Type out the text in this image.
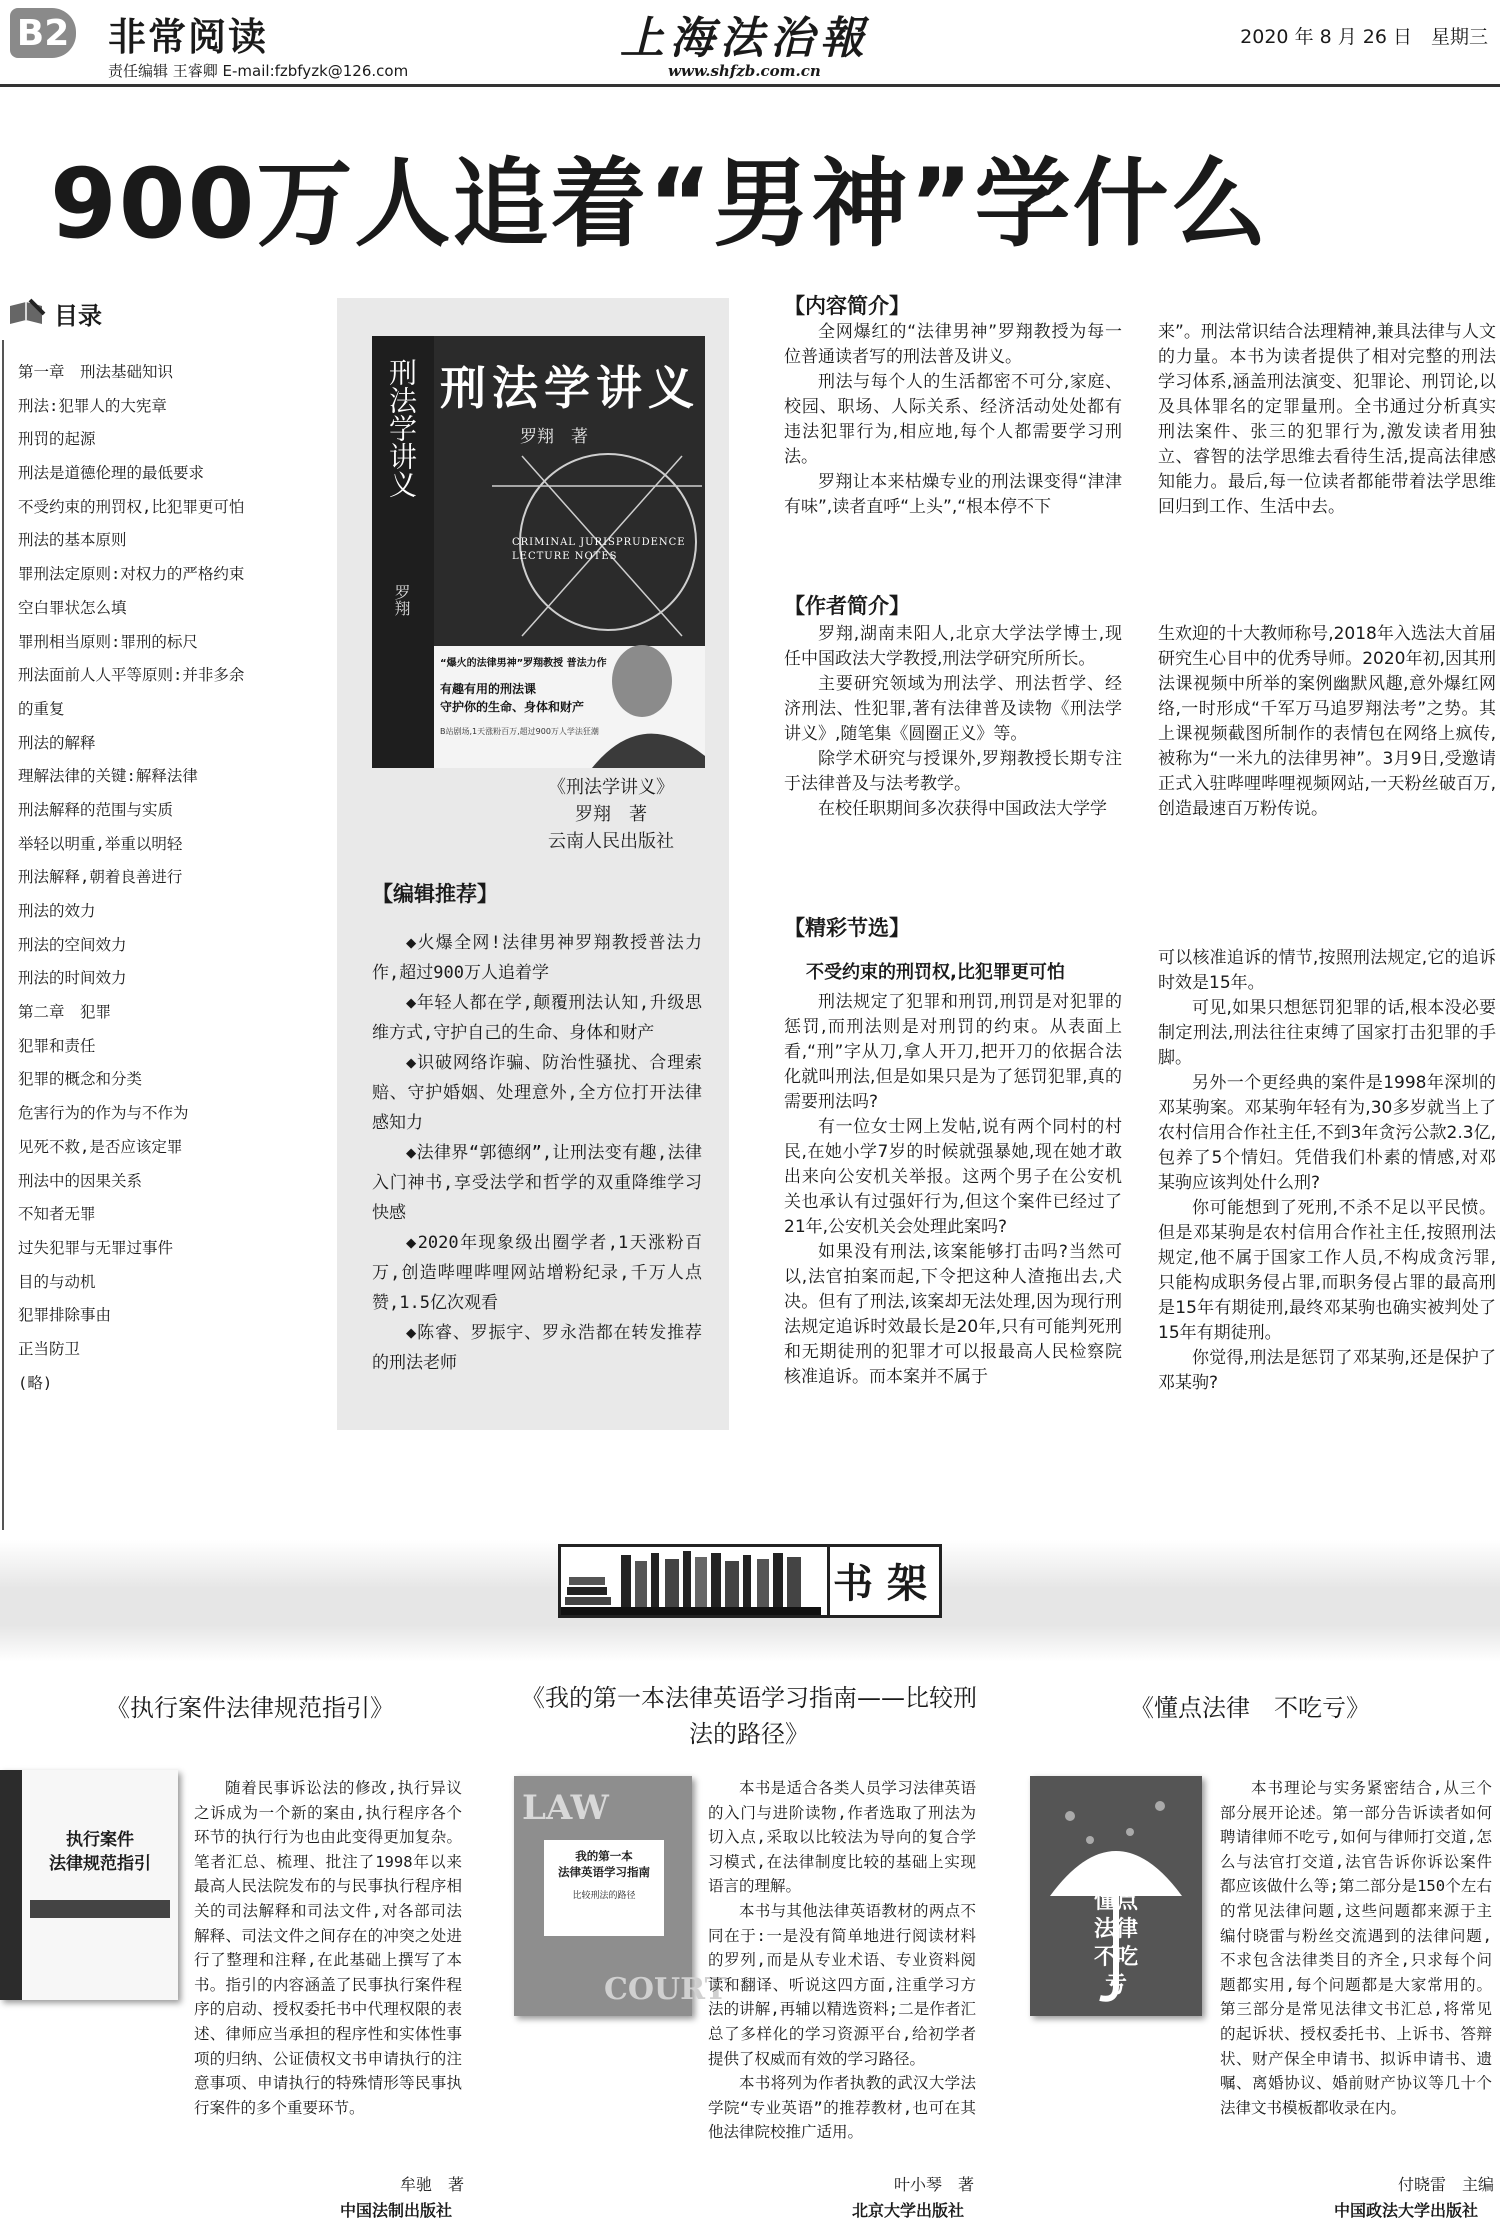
B2 非常阅读
责任编辑 王睿卿 E-mail:fzbfyzk@126.com
上海法治報
www.shfzb.com.cn
2020 年 8 月 26 日　星期三
900万人追着“男神”学什么
目录
第一章　刑法基础知识
刑法:犯罪人的大宪章
刑罚的起源
刑法是道德伦理的最低要求
不受约束的刑罚权,比犯罪更可怕
刑法的基本原则
罪刑法定原则:对权力的严格约束
空白罪状怎么填
罪刑相当原则:罪刑的标尺
刑法面前人人平等原则:并非多余
的重复
刑法的解释
理解法律的关键:解释法律
刑法解释的范围与实质
举轻以明重,举重以明轻
刑法解释,朝着良善进行
刑法的效力
刑法的空间效力
刑法的时间效力
第二章　犯罪
犯罪和责任
犯罪的概念和分类
危害行为的作为与不作为
见死不救,是否应该定罪
刑法中的因果关系
不知者无罪
过失犯罪与无罪过事件
目的与动机
犯罪排除事由
正当防卫
(略)
刑法学讲义
罗翔　著
刑法学讲义
罗翔
CRIMINAL JURISPRUDENCE
LECTURE NOTES
“爆火的法律男神”罗翔教授 普法力作
有趣有用的刑法课
守护你的生命、身体和财产
B站剧场,1天涨粉百万,超过900万人学法狂潮
《刑法学讲义》
罗翔　著
云南人民出版社
【编辑推荐】

◆火爆全网!法律男神罗翔教授普法力作,超过900万人追着学

◆年轻人都在学,颠覆刑法认知,升级思维方式,守护自己的生命、身体和财产

◆识破网络诈骗、防治性骚扰、合理索赔、守护婚姻、处理意外,全方位打开法律感知力

◆法律界“郭德纲”,让刑法变有趣,法律入门神书,享受法学和哲学的双重降维学习快感

◆2020年现象级出圈学者,1天涨粉百万,创造哔哩哔哩网站增粉纪录,千万人点赞,1.5亿次观看

◆陈睿、罗振宇、罗永浩都在转发推荐的刑法老师

【内容简介】

全网爆红的“法律男神”罗翔教授为每一位普通读者写的刑法普及讲义。

刑法与每个人的生活都密不可分,家庭、校园、职场、人际关系、经济活动处处都有违法犯罪行为,相应地,每个人都需要学习刑法。

罗翔让本来枯燥专业的刑法课变得“津津有味”,读者直呼“上头”,“根本停不下

来”。刑法常识结合法理精神,兼具法律与人文的力量。本书为读者提供了相对完整的刑法学习体系,涵盖刑法演变、犯罪论、刑罚论,以及具体罪名的定罪量刑。全书通过分析真实刑法案件、张三的犯罪行为,激发读者用独立、睿智的法学思维去看待生活,提高法律感知能力。最后,每一位读者都能带着法学思维回归到工作、生活中去。

【作者简介】

罗翔,湖南耒阳人,北京大学法学博士,现任中国政法大学教授,刑法学研究所所长。

主要研究领域为刑法学、刑法哲学、经济刑法、性犯罪,著有法律普及读物《刑法学讲义》,随笔集《圆圈正义》等。

除学术研究与授课外,罗翔教授长期专注于法律普及与法考教学。

在校任职期间多次获得中国政法大学学

生欢迎的十大教师称号,2018年入选法大首届研究生心目中的优秀导师。2020年初,因其刑法课视频中所举的案例幽默风趣,意外爆红网络,一时形成“千军万马追罗翔法考”之势。其上课视频截图所制作的表情包在网络上疯传,被称为“一米九的法律男神”。3月9日,受邀请正式入驻哔哩哔哩视频网站,一天粉丝破百万,创造最速百万粉传说。

【精彩节选】
不受约束的刑罚权,比犯罪更可怕

刑法规定了犯罪和刑罚,刑罚是对犯罪的惩罚,而刑法则是对刑罚的约束。从表面上看,“刑”字从刀,拿人开刀,把开刀的依据合法化就叫刑法,但是如果只是为了惩罚犯罪,真的需要刑法吗?

有一位女士网上发帖,说有两个同村的村民,在她小学7岁的时候就强暴她,现在她才敢出来向公安机关举报。这两个男子在公安机关也承认有过强奸行为,但这个案件已经过了21年,公安机关会处理此案吗?

如果没有刑法,该案能够打击吗?当然可以,法官拍案而起,下令把这种人渣拖出去,犬决。但有了刑法,该案却无法处理,因为现行刑法规定追诉时效最长是20年,只有可能判死刑和无期徒刑的犯罪才可以报最高人民检察院核准追诉。而本案并不属于

可以核准追诉的情节,按照刑法规定,它的追诉时效是15年。

可见,如果只想惩罚犯罪的话,根本没必要制定刑法,刑法往往束缚了国家打击犯罪的手脚。

另外一个更经典的案件是1998年深圳的邓某驹案。邓某驹年轻有为,30多岁就当上了农村信用合作社主任,不到3年贪污公款2.3亿,包养了5个情妇。凭借我们朴素的情感,对邓某驹应该判处什么刑?

你可能想到了死刑,不杀不足以平民愤。但是邓某驹是农村信用合作社主任,按照刑法规定,他不属于国家工作人员,不构成贪污罪,只能构成职务侵占罪,而职务侵占罪的最高刑是15年有期徒刑,最终邓某驹也确实被判处了15年有期徒刑。

你觉得,刑法是惩罚了邓某驹,还是保护了邓某驹?

书架
《执行案件法律规范指引》
执行案件
法律规范指引

随着民事诉讼法的修改,执行异议之诉成为一个新的案由,执行程序各个环节的执行行为也由此变得更加复杂。笔者汇总、梳理、批注了1998年以来最高人民法院发布的与民事执行程序相关的司法解释和司法文件,对各部司法解释、司法文件之间存在的冲突之处进行了整理和注释,在此基础上撰写了本书。指引的内容涵盖了民事执行案件程序的启动、授权委托书中代理权限的表述、律师应当承担的程序性和实体性事项的归纳、公证债权文书申请执行的注意事项、申请执行的特殊情形等民事执行案件的多个重要环节。

牟驰　著
中国法制出版社
《我的第一本法律英语学习指南——比较刑法的路径》
LAW
我的第一本
法律英语学习指南
比较刑法的路径
COURT

本书是适合各类人员学习法律英语的入门与进阶读物,作者选取了刑法为切入点,采取以比较法为导向的复合学习模式,在法律制度比较的基础上实现语言的理解。

本书与其他法律英语教材的两点不同在于:一是没有简单地进行阅读材料的罗列,而是从专业术语、专业资料阅读和翻译、听说这四方面,注重学习方法的讲解,再辅以精选资料;二是作者汇总了多样化的学习资源平台,给初学者提供了权威而有效的学习路径。

本书将列为作者执教的武汉大学法学院“专业英语”的推荐教材,也可在其他法律院校推广适用。

叶小琴　著
北京大学出版社
《懂点法律　不吃亏》
懂点法律
不吃亏

本书理论与实务紧密结合,从三个部分展开论述。第一部分告诉读者如何聘请律师不吃亏,如何与律师打交道,怎么与法官打交道,法官告诉你诉讼案件都应该做什么等;第二部分是150个左右的常见法律问题,这些问题都来源于主编付晓雷与粉丝交流遇到的法律问题,不求包含法律类目的齐全,只求每个问题都实用,每个问题都是大家常用的。第三部分是常见法律文书汇总,将常见的起诉状、授权委托书、上诉书、答辩状、财产保全申请书、拟诉申请书、遗嘱、离婚协议、婚前财产协议等几十个法律文书模板都收录在内。

付晓雷　主编
中国政法大学出版社
